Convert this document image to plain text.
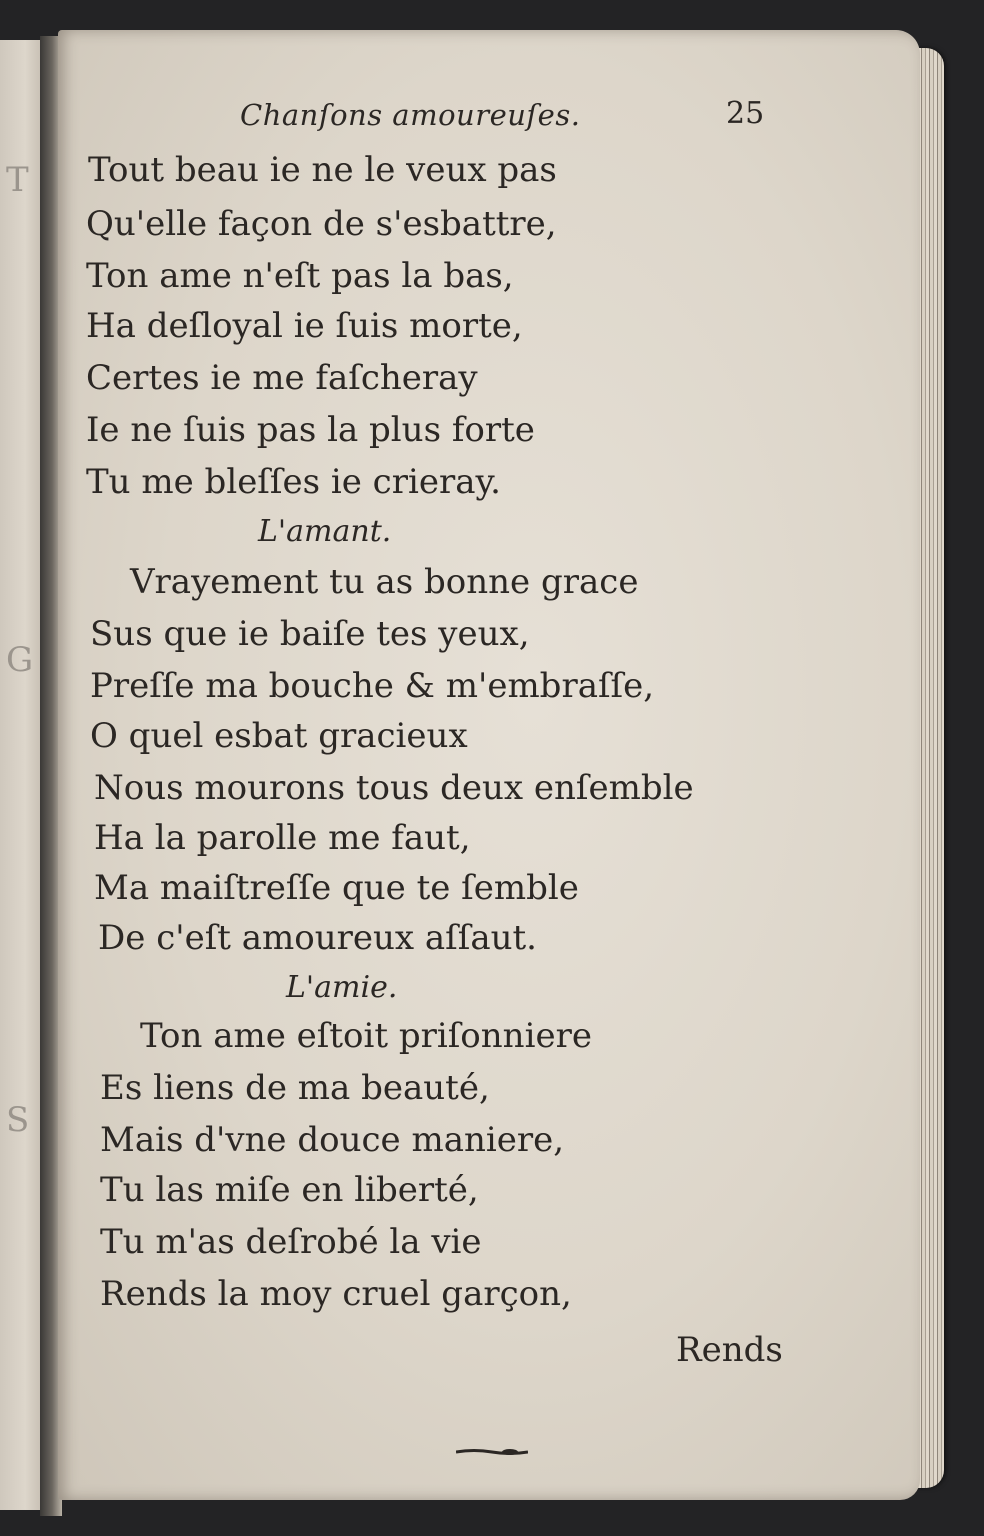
T
G
S
Chanſons amoureuſes.	25
Tout beau ie ne le veux pas
Qu'elle façon de s'esbattre,
Ton ame n'eſt pas la bas,
Ha deſloyal ie ſuis morte,
Certes ie me faſcheray
Ie ne ſuis pas la plus forte
Tu me bleſſes ie crieray.
L'amant.
Vrayement tu as bonne grace
Sus que ie baiſe tes yeux,
Preſſe ma bouche & m'embraſſe,
O quel esbat gracieux
Nous mourons tous deux enſemble
Ha la parolle me faut,
Ma maiſtreſſe que te ſemble
De c'eſt amoureux aſſaut.
L'amie.
Ton ame eſtoit priſonniere
Es liens de ma beauté,
Mais d'vne douce maniere,
Tu las miſe en liberté,
Tu m'as deſrobé la vie
Rends la moy cruel garçon,
Rends
